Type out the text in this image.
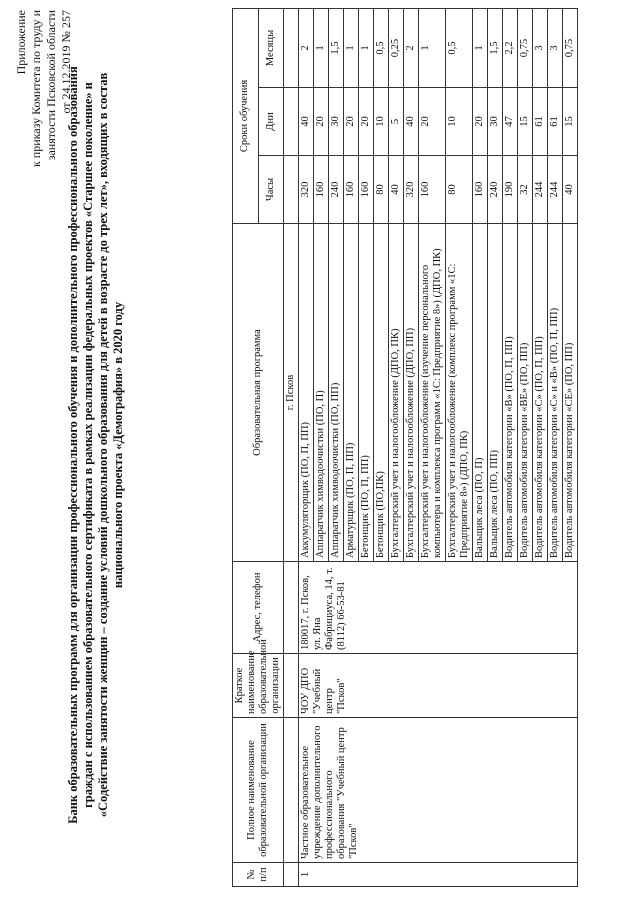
Приложение к приказу Комитета по труду и занятости Псковской области от 24.12.2019 № 257
Банк образовательных программ для организации профессионального обучения и дополнительного профессионального образования граждан с использованием образовательного сертификата в рамках реализации федеральных проектов «Старшее поколение» и «Содействие занятости женщин – создание условий дошкольного образования для детей в возрасте до трех лет», входящих в состав национального проекта «Демография» в 2020 году
№ п/п	Полное наименование образовательной организации	Краткое наименование образовательной организации	Адрес, телефон	Образовательная программа	Сроки обучения		
					Часы	Дни	Месяцы
				г. Псков			
1	Частное образовательное учреждение дополнительного профессионального образования "Учебный центр "Псков"	ЧОУ ДПО "Учебный центр "Псков"	180017, г. Псков, ул. Яна Фабрициуса, 14, т. (8112) 66-53-81	Аккумуляторщик (ПО, П, ПП)	320	40	2
				Аппаратчик химводоочистки (ПО, П)	160	20	1
				Аппаратчик химводоочистки (ПО, ПП)	240	30	1,5
				Арматурщик (ПО, П, ПП)	160	20	1
				Бетонщик (ПО, П, ПП)	160	20	1
				Бетонщик (ПО,ПК)	80	10	0,5
				Бухгалтерский учет и налогообложение (ДПО, ПК)	40	5	0,25
				Бухгалтерский учет и налогообложение (ДПО, ПП)	320	40	2
				Бухгалтерский учет и налогообложение (изучение персонального компьютера и комплекса программ «1С: Предприятие 8») (ДПО, ПК)	160	20	1
				Бухгалтерский учет и налогообложение (комплекс программ «1С: Предприятие 8») (ДПО, ПК)	80	10	0,5
				Вальщик леса (ПО, П)	160	20	1
				Вальщик леса (ПО, ПП)	240	30	1,5
				Водитель автомобиля категории «В» (ПО, П, ПП)	190	47	2,2
				Водитель автомобиля категории «ВЕ» (ПО, ПП)	32	15	0,75
				Водитель автомобиля категории «С» (ПО, П, ПП)	244	61	3
				Водитель автомобиля категории «С» и «В» (ПО, П, ПП)	244	61	3
				Водитель автомобиля категории «СЕ» (ПО, ПП)	40	15	0,75
